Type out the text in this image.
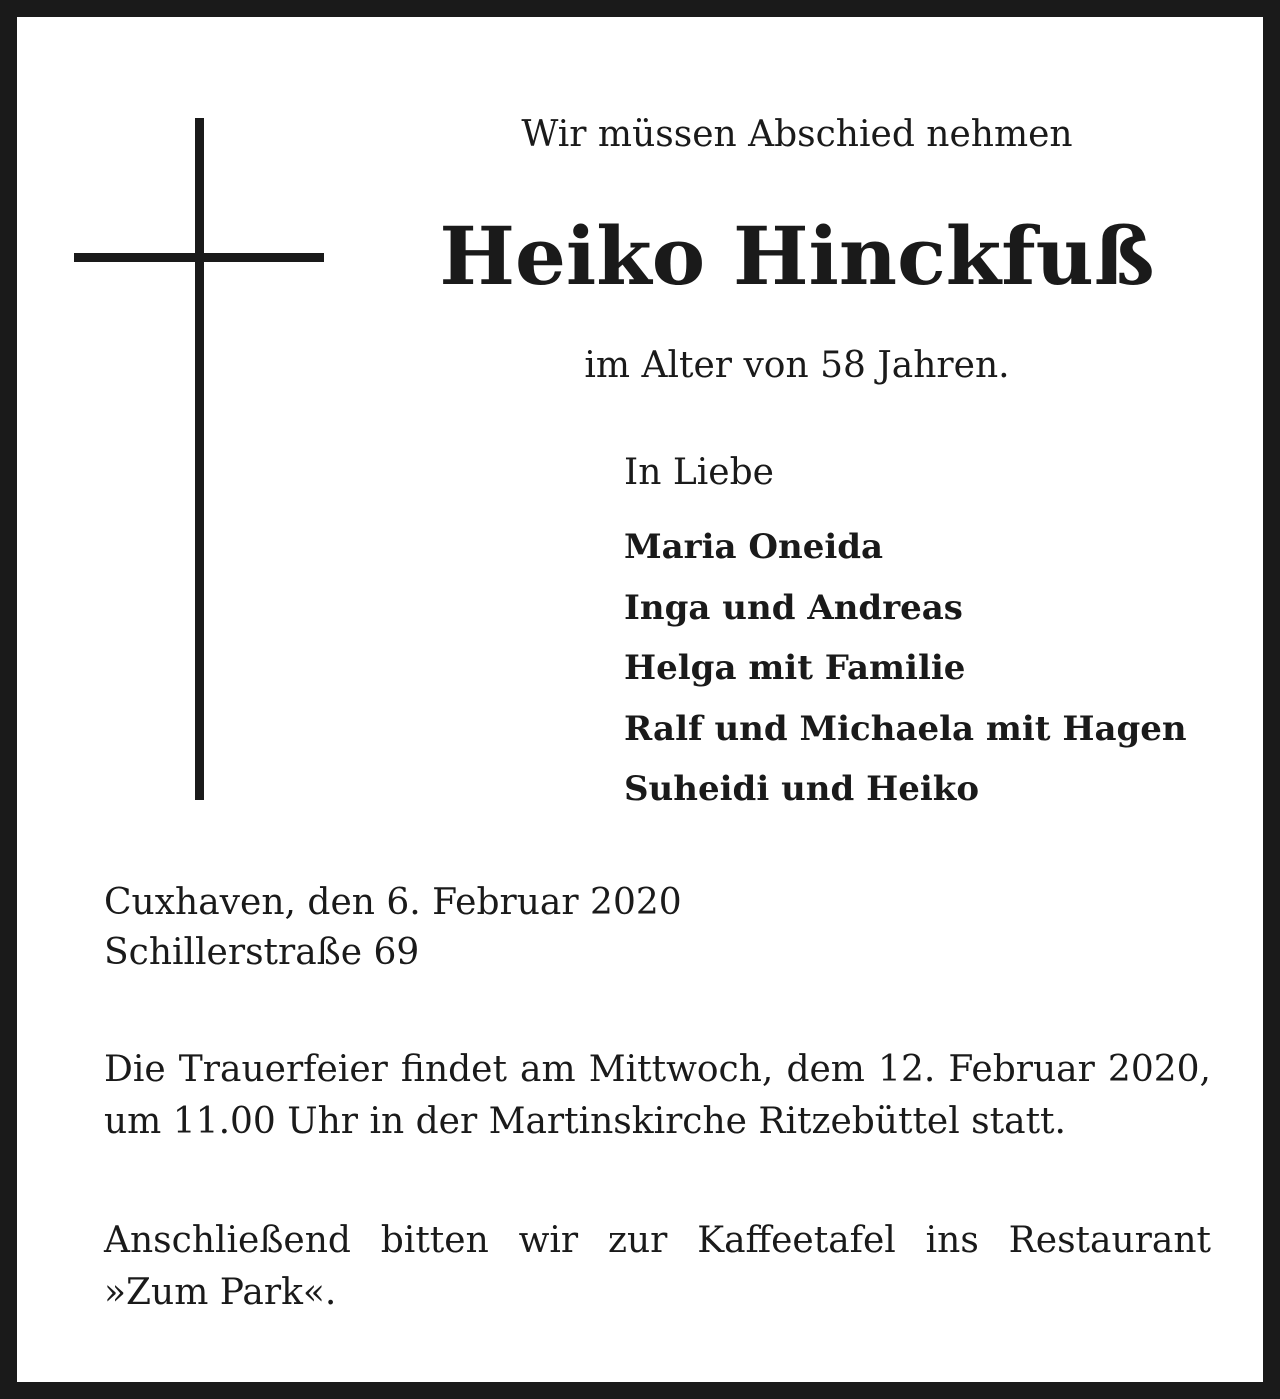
Wir müssen Abschied nehmen
Heiko Hinckfuß
im Alter von 58 Jahren.
In Liebe
Maria Oneida
Inga und Andreas
Helga mit Familie
Ralf und Michaela mit Hagen
Suheidi und Heiko
Cuxhaven, den 6. Februar 2020
Schillerstraße 69

Die Trauerfeier findet am Mittwoch, dem 12. Februar 2020, um 11.00 Uhr in der Martinskirche Ritzebüttel statt.

Anschließend bitten wir zur Kaffeetafel ins Restaurant »Zum Park«.
